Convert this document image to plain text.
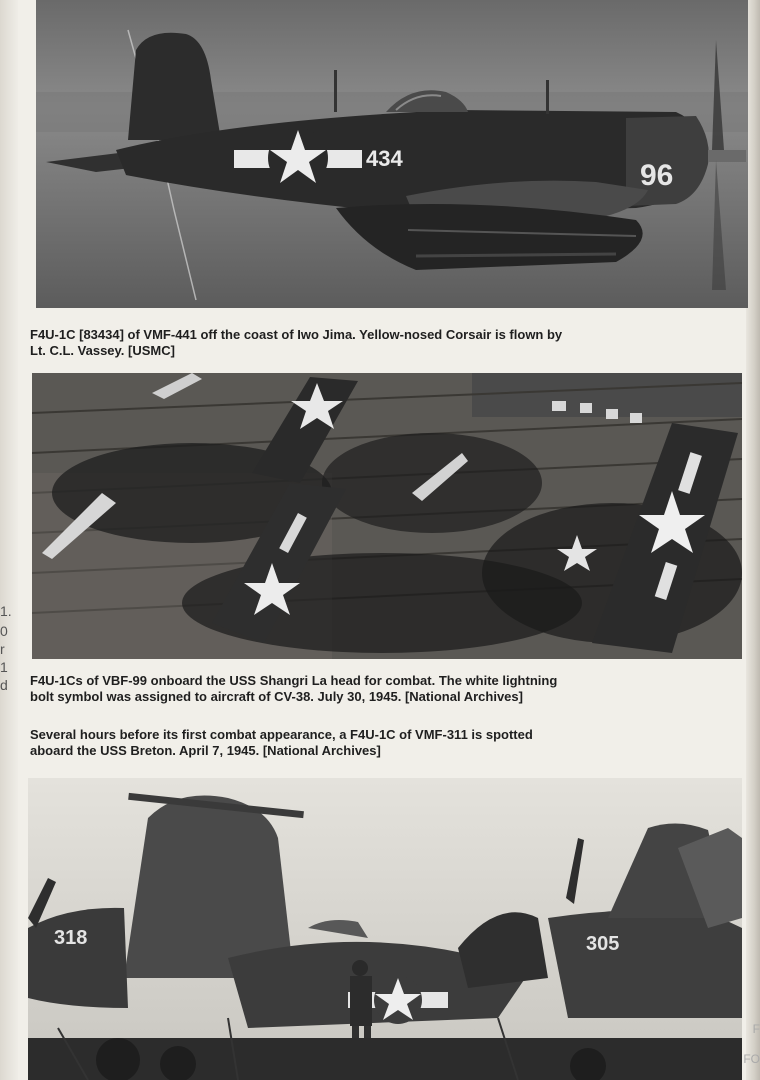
1.
0
r
1
d
F
FO
434
96

F4U-1C [83434] of VMF-441 off the coast of Iwo Jima. Yellow-nosed Corsair is flown by

Lt. C.L. Vassey. [USMC]

F4U-1Cs of VBF-99 onboard the USS Shangri La head for combat. The white lightning

bolt symbol was assigned to aircraft of CV-38. July 30, 1945. [National Archives]

Several hours before its first combat appearance, a F4U-1C of VMF-311 is spotted

aboard the USS Breton. April 7, 1945. [National Archives]

318	305
